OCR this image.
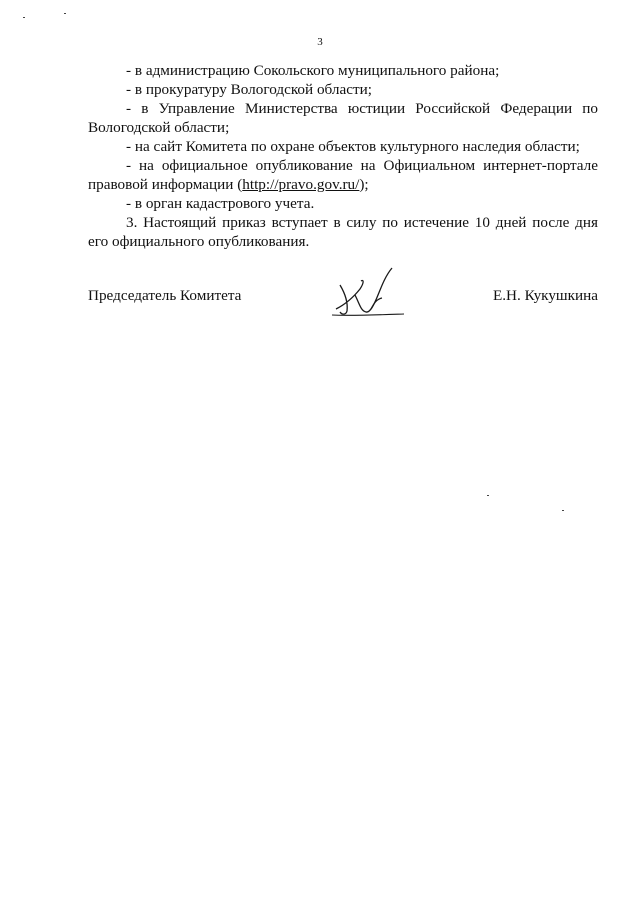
3

- в администрацию Сокольского муниципального района;

- в прокуратуру Вологодской области;

- в Управление Министерства юстиции Российской Федерации по Вологодской области;

- на сайт Комитета по охране объектов культурного наследия области;

- на официальное опубликование на Официальном интернет-портале правовой информации (http://pravo.gov.ru/);

- в орган кадастрового учета.

3. Настоящий приказ вступает в силу по истечение 10 дней после дня его официального опубликования.

Председатель Комитета	Е.Н. Кукушкина
